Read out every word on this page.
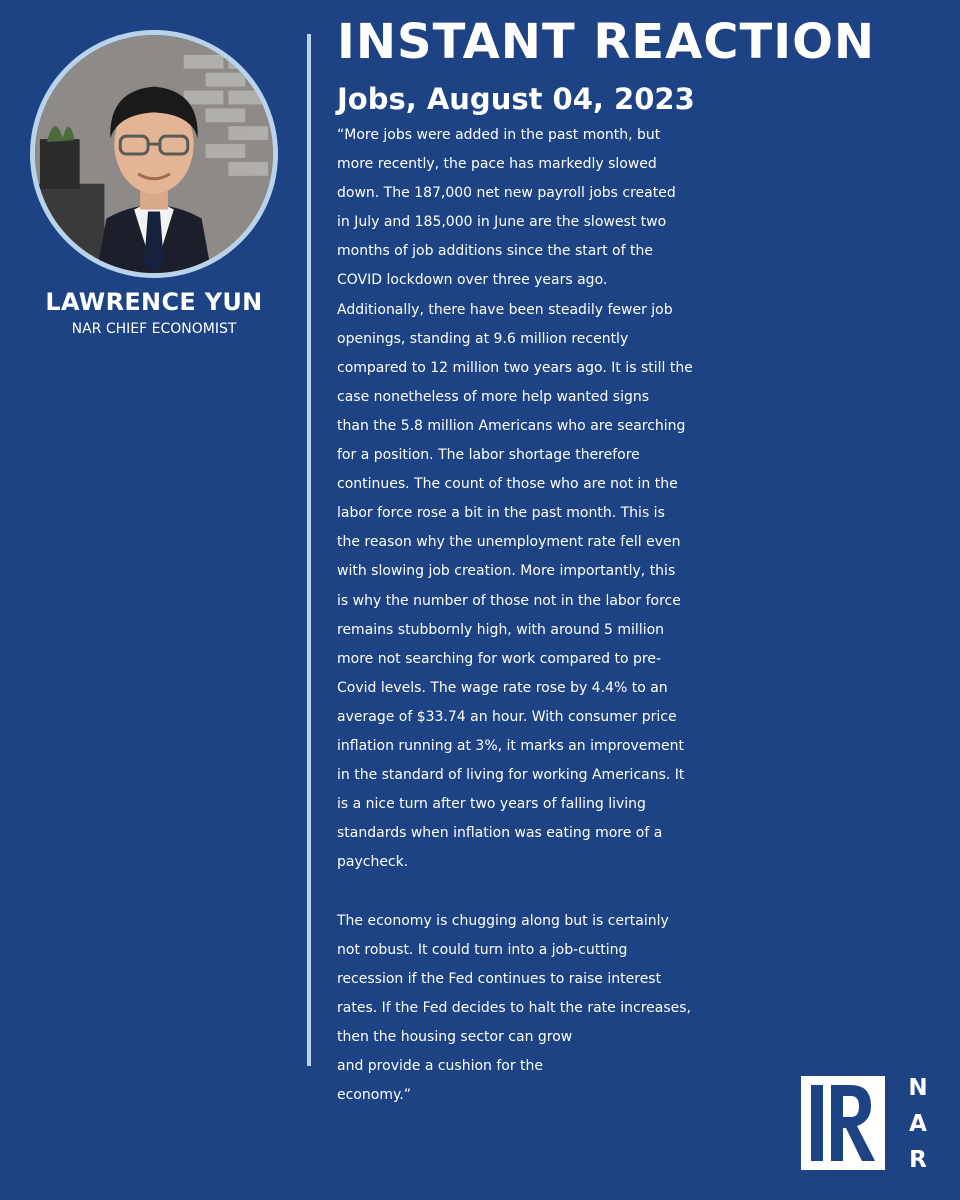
LAWRENCE YUN
NAR CHIEF ECONOMIST
INSTANT REACTION
Jobs, August 04, 2023

“More jobs were added in the past month, but

more recently, the pace has markedly slowed

down. The 187,000 net new payroll jobs created

in July and 185,000 in June are the slowest two

months of job additions since the start of the

COVID lockdown over three years ago.

Additionally, there have been steadily fewer job

openings, standing at 9.6 million recently

compared to 12 million two years ago. It is still the

case nonetheless of more help wanted signs

than the 5.8 million Americans who are searching

for a position. The labor shortage therefore

continues. The count of those who are not in the

labor force rose a bit in the past month. This is

the reason why the unemployment rate fell even

with slowing job creation. More importantly, this

is why the number of those not in the labor force

remains stubbornly high, with around 5 million

more not searching for work compared to pre-

Covid levels. The wage rate rose by 4.4% to an

average of $33.74 an hour. With consumer price

inflation running at 3%, it marks an improvement

in the standard of living for working Americans. It

is a nice turn after two years of falling living

standards when inflation was eating more of a

paycheck.

The economy is chugging along but is certainly

not robust. It could turn into a job-cutting

recession if the Fed continues to raise interest

rates. If the Fed decides to halt the rate increases,

then the housing sector can grow

and provide a cushion for the

economy.”	N
A
R
